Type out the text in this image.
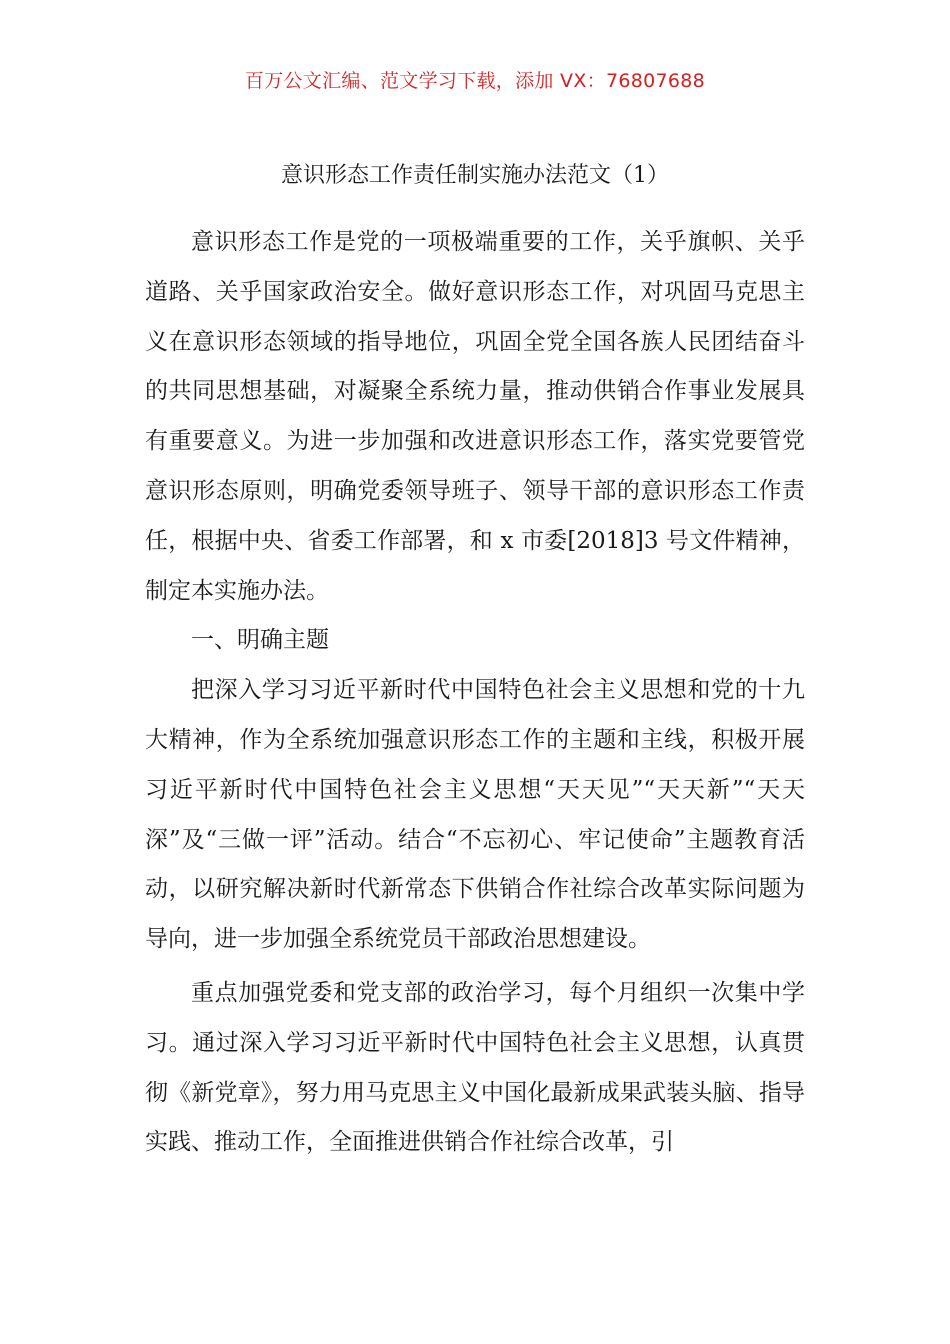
百万公文汇编、范文学习下载，添加 VX：76807688
意识形态工作责任制实施办法范文（1）

意识形态工作是党的一项极端重要的工作，关乎旗帜、关乎道路、关乎国家政治安全。做好意识形态工作，对巩固马克思主义在意识形态领域的指导地位，巩固全党全国各族人民团结奋斗的共同思想基础，对凝聚全系统力量，推动供销合作事业发展具有重要意义。为进一步加强和改进意识形态工作，落实党要管党意识形态原则，明确党委领导班子、领导干部的意识形态工作责任，根据中央、省委工作部署，和 x 市委[2018]3 号文件精神，制定本实施办法。

一、明确主题

把深入学习习近平新时代中国特色社会主义思想和党的十九大精神，作为全系统加强意识形态工作的主题和主线，积极开展习近平新时代中国特色社会主义思想“天天见”“天天新”“天天深”及“三做一评”活动。结合“不忘初心、牢记使命”主题教育活动，以研究解决新时代新常态下供销合作社综合改革实际问题为导向，进一步加强全系统党员干部政治思想建设。

重点加强党委和党支部的政治学习，每个月组织一次集中学习。通过深入学习习近平新时代中国特色社会主义思想，认真贯彻《新党章》，努力用马克思主义中国化最新成果武装头脑、指导实践、推动工作，全面推进供销合作社综合改革，引
